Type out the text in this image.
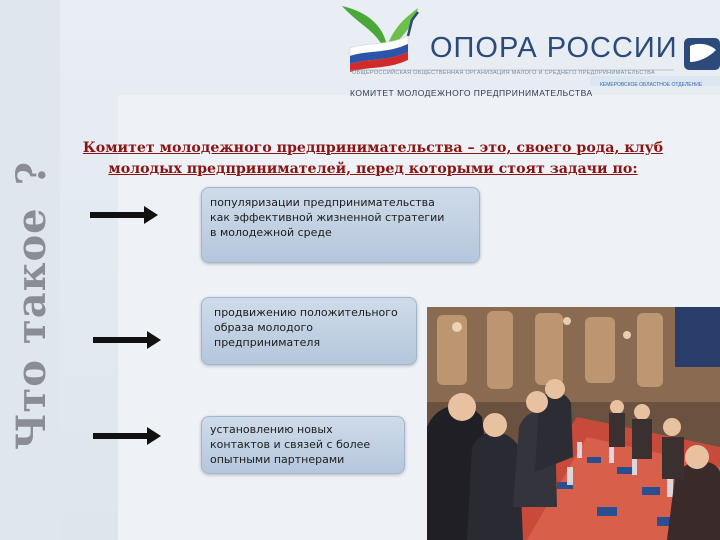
Что такое?
ОПОРА РОССИИ
ОБЩЕРОССИЙСКАЯ ОБЩЕСТВЕННАЯ ОРГАНИЗАЦИЯ МАЛОГО И СРЕДНЕГО ПРЕДПРИНИМАТЕЛЬСТВА
КЕМЕРОВСКОЕ ОБЛАСТНОЕ ОТДЕЛЕНИЕ
КОМИТЕТ МОЛОДЕЖНОГО ПРЕДПРИНИМАТЕЛЬСТВА
Комитет молодежного предпринимательства – это, своего рода, клуб
молодых предпринимателей, перед которыми стоят задачи по:
популяризации предпринимательства
как эффективной жизненной стратегии
в молодежной среде
продвижению положительного
образа молодого
предпринимателя
установлению новых
контактов и связей с более
опытными партнерами
